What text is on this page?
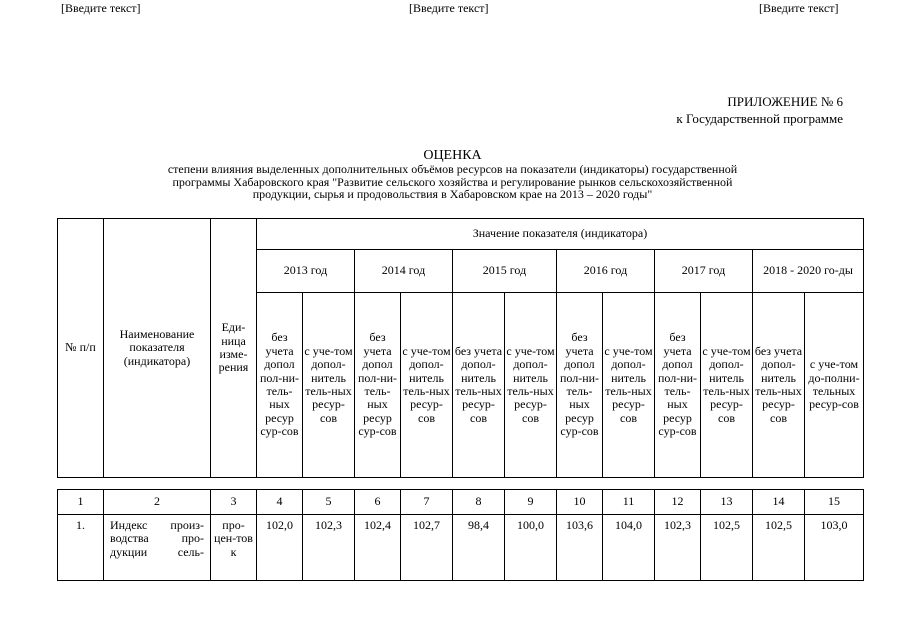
[Введите текст]	[Введите текст]	[Введите текст]
ПРИЛОЖЕНИЕ № 6
к Государственной программе
ОЦЕНКА
степени влияния выделенных дополнительных объёмов ресурсов на показатели (индикаторы) государственной
программы Хабаровского края "Развитие сельского хозяйства и регулирование рынков сельскохозяйственной
продукции, сырья и продовольствия в Хабаровском крае на 2013 – 2020 годы"
№ п/п	Наименование показателя (индикатора)	Еди-ница изме-рения	Значение показателя (индикатора)											
			2013 год		2014 год		2015 год		2016 год		2017 год		2018 - 2020 го-ды	
			без учета допол пол-ни-тель-ных ресур сур-сов	с уче-том допол-нитель тель-ных ресур-сов	без учета допол пол-ни-тель-ных ресур сур-сов	с уче-том допол-нитель тель-ных ресур-сов	без учета допол-нитель тель-ных ресур-сов	с уче-том допол-нитель тель-ных ресур-сов	без учета допол пол-ни-тель-ных ресур сур-сов	с уче-том допол-нитель тель-ных ресур-сов	без учета допол пол-ни-тель-ных ресур сур-сов	с уче-том допол-нитель тель-ных ресур-сов	без учета допол-нитель тель-ных ресур-сов	с уче-том до-полни-тельных ресур-сов
1	2	3	4	5	6	7	8	9	10	11	12	13	14	15
1.	Индекс произ-водства про-дукции сель-	про-цен-тов к	102,0	102,3	102,4	102,7	98,4	100,0	103,6	104,0	102,3	102,5	102,5	103,0
